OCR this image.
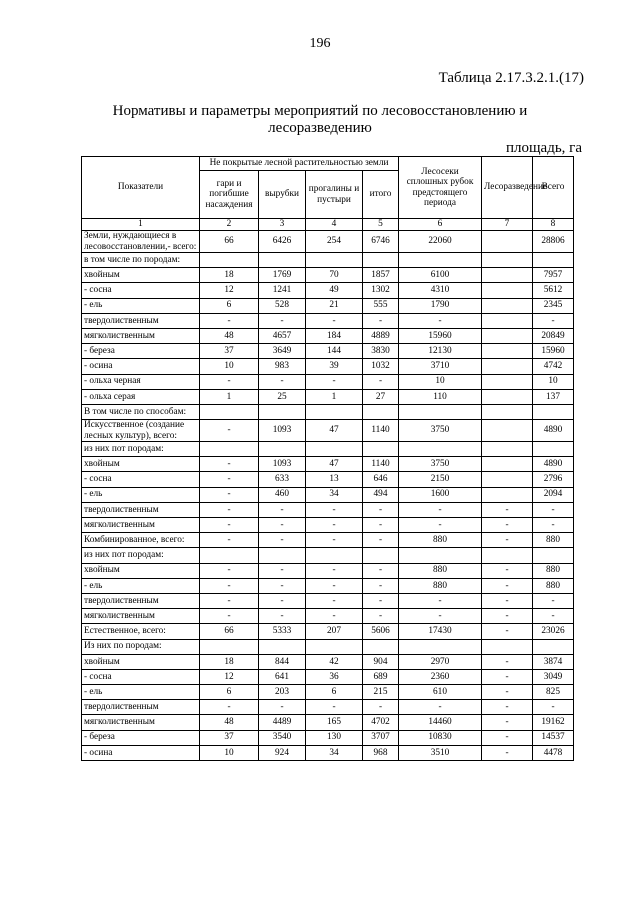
196
Таблица 2.17.3.2.1.(17)
Нормативы и параметры мероприятий по лесовосстановлению и лесоразведению
площадь, га
Показатели	Не покрытые лесной растительностью земли				Лесосеки сплошных рубок предстоящего периода	Лесоразведение	Всего
	гари и погибшие насаждения	вырубки	прогалины и пустыри	итого			
1	2	3	4	5	6	7	8
Земли, нуждающиеся в лесовосстановлении,- всего:	66	6426	254	6746	22060		28806
в том числе по породам:							
хвойным	18	1769	70	1857	6100		7957
- сосна	12	1241	49	1302	4310		5612
- ель	6	528	21	555	1790		2345
твердолиственным	-	-	-	-	-		-
мягколиственным	48	4657	184	4889	15960		20849
- береза	37	3649	144	3830	12130		15960
- осина	10	983	39	1032	3710		4742
- ольха черная	-	-	-	-	10		10
- ольха серая	1	25	1	27	110		137
В том числе по способам:							
Искусственное (создание лесных культур), всего:	-	1093	47	1140	3750		4890
из них пот породам:							
хвойным	-	1093	47	1140	3750		4890
- сосна	-	633	13	646	2150		2796
- ель	-	460	34	494	1600		2094
твердолиственным	-	-	-	-	-	-	-
мягколиственным	-	-	-	-	-	-	-
Комбинированное, всего:	-	-	-	-	880	-	880
из них пот породам:							
хвойным	-	-	-	-	880	-	880
- ель	-	-	-	-	880	-	880
твердолиственным	-	-	-	-	-	-	-
мягколиственным	-	-	-	-	-	-	-
Естественное, всего:	66	5333	207	5606	17430	-	23026
Из них по породам:							
хвойным	18	844	42	904	2970	-	3874
- сосна	12	641	36	689	2360	-	3049
- ель	6	203	6	215	610	-	825
твердолиственным	-	-	-	-	-	-	-
мягколиственным	48	4489	165	4702	14460	-	19162
- береза	37	3540	130	3707	10830	-	14537
- осина	10	924	34	968	3510	-	4478
